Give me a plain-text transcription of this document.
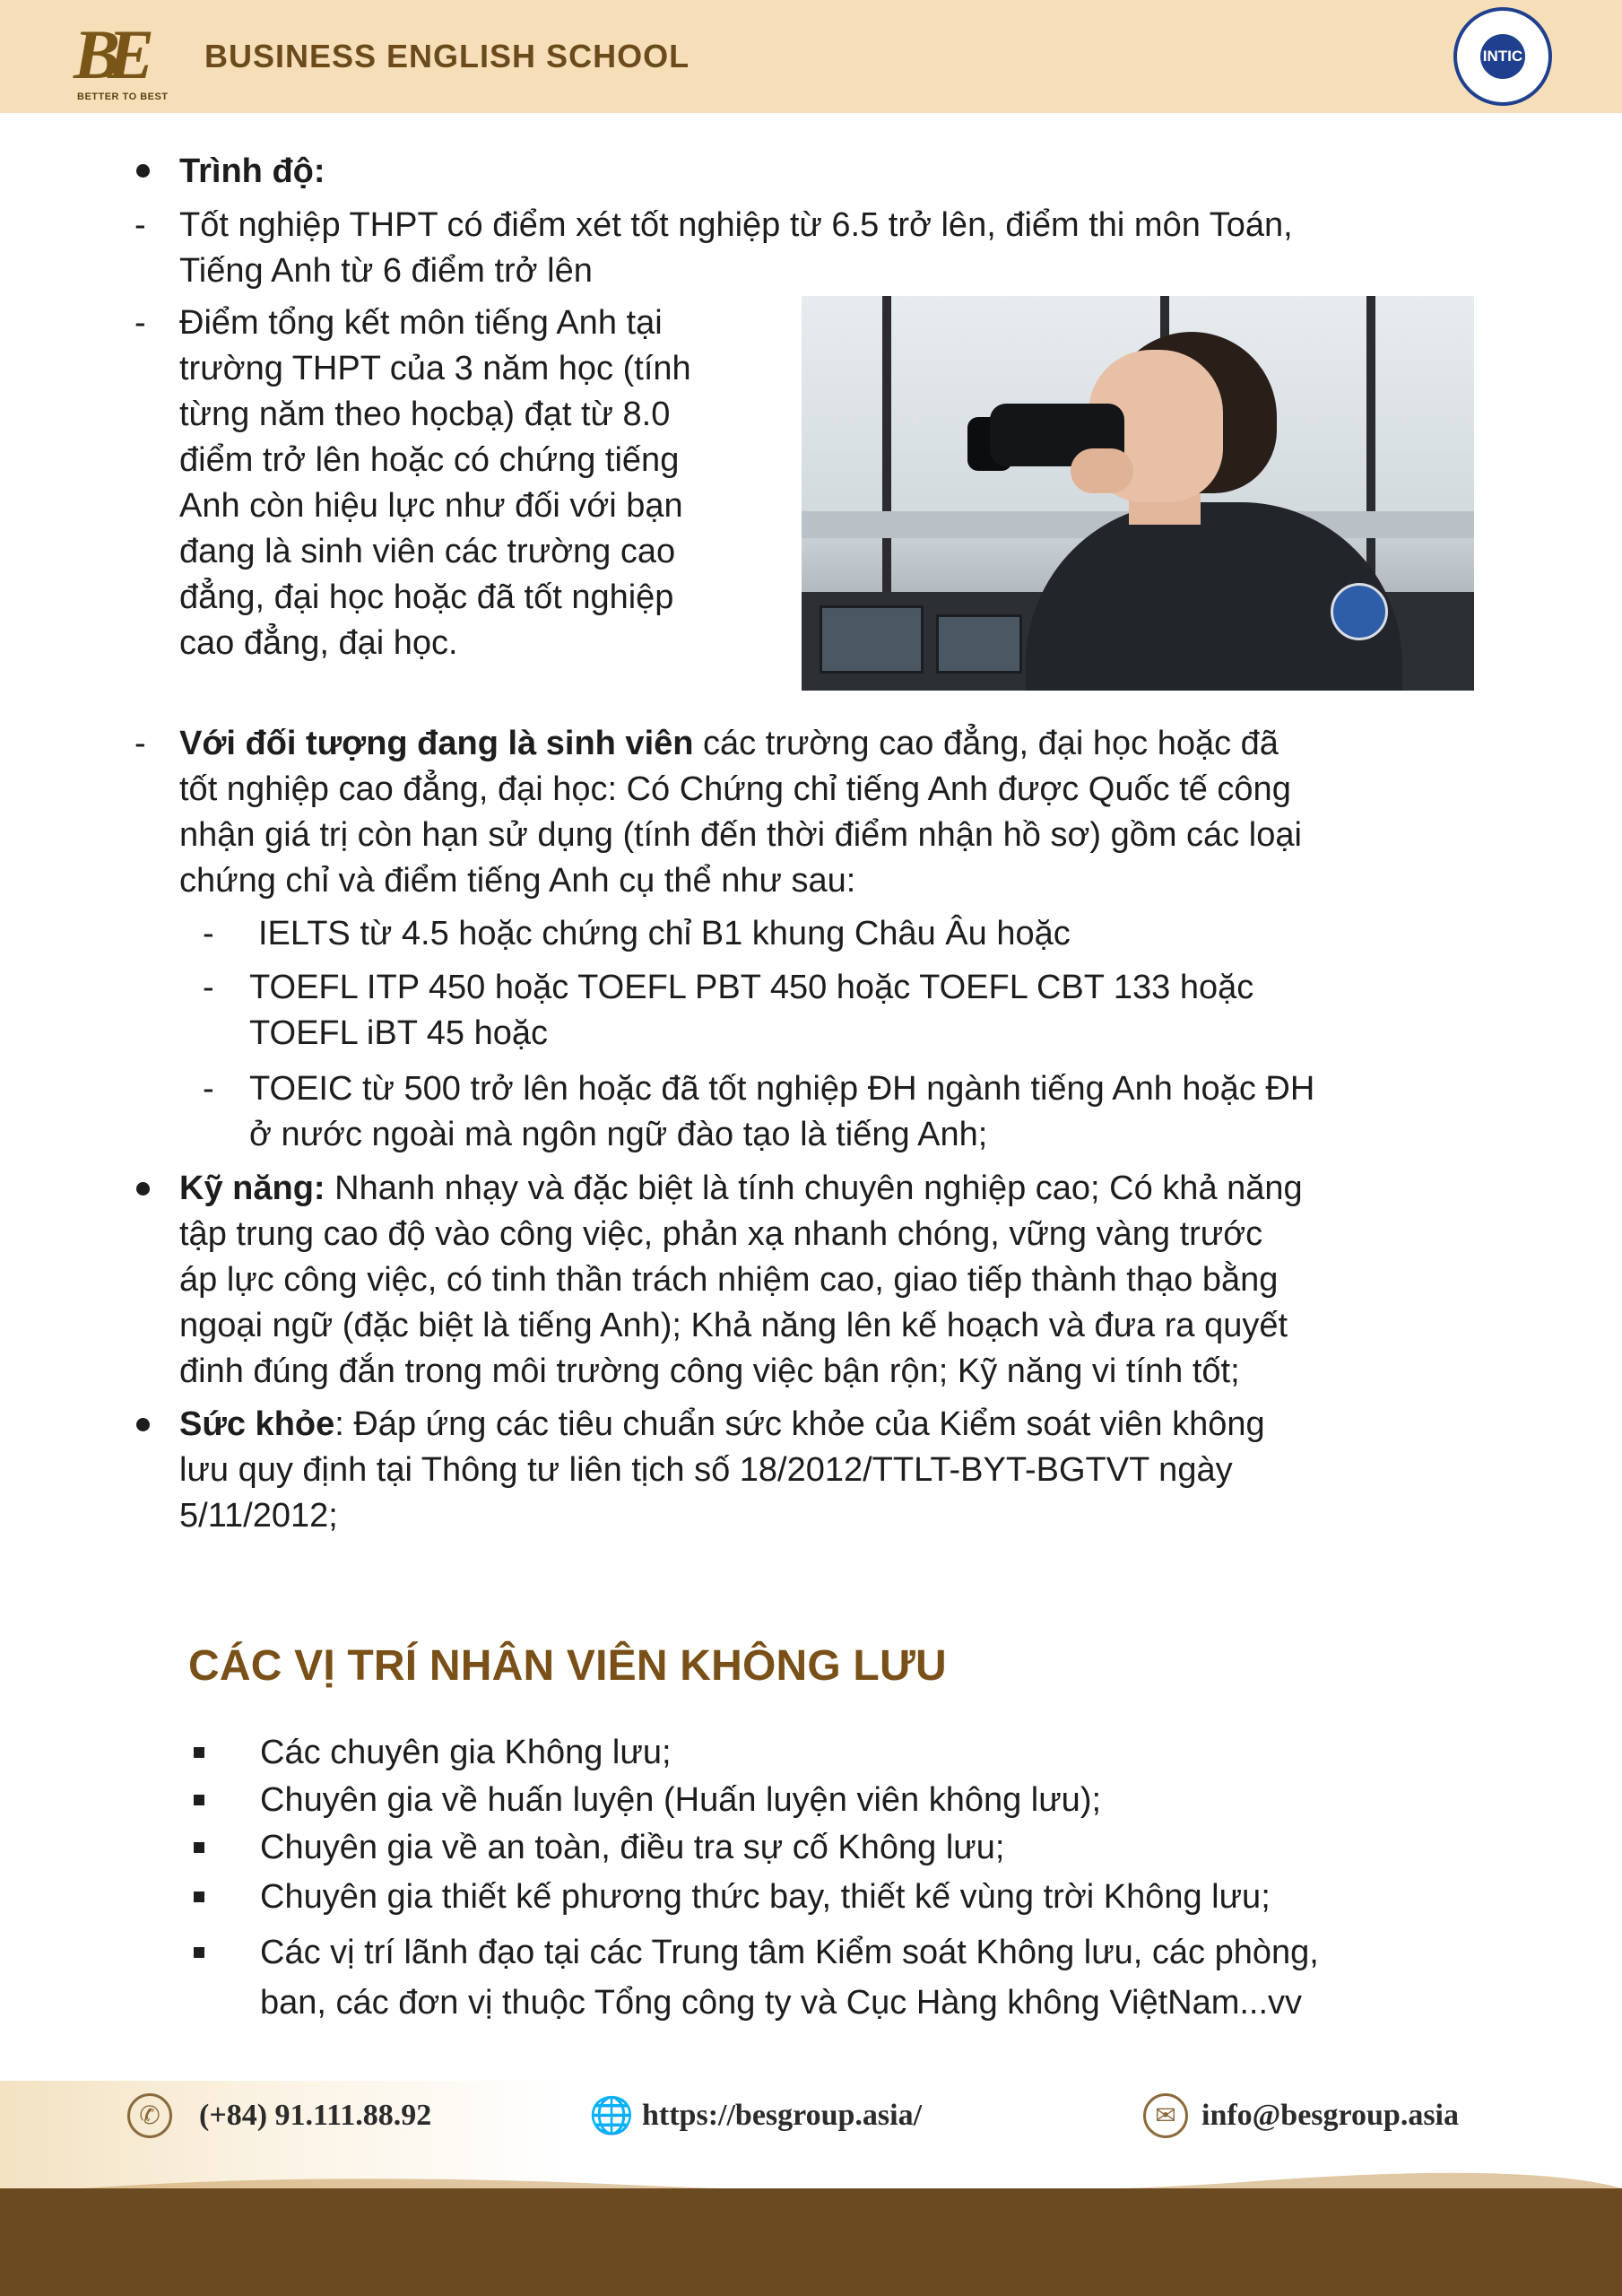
BE
BETTER TO BEST
BUSINESS ENGLISH SCHOOL	INTIC
Trình độ:
- Tốt nghiệp THPT có điểm xét tốt nghiệp từ 6.5 trở lên, điểm thi môn Toán,
Tiếng Anh từ 6 điểm trở lên
- Điểm tổng kết môn tiếng Anh tại
trường THPT của 3 năm học (tính
từng năm theo họcbạ) đạt từ 8.0
điểm trở lên hoặc có chứng tiếng
Anh còn hiệu lực như đối với bạn
đang là sinh viên các trường cao
đẳng, đại học hoặc đã tốt nghiệp
cao đẳng, đại học.
- Với đối tượng đang là sinh viên các trường cao đẳng, đại học hoặc đã
tốt nghiệp cao đẳng, đại học: Có Chứng chỉ tiếng Anh được Quốc tế công
nhận giá trị còn hạn sử dụng (tính đến thời điểm nhận hồ sơ) gồm các loại
chứng chỉ và điểm tiếng Anh cụ thể như sau:
- IELTS từ 4.5 hoặc chứng chỉ B1 khung Châu Âu hoặc
- TOEFL ITP 450 hoặc TOEFL PBT 450 hoặc TOEFL CBT 133 hoặc
TOEFL iBT 45 hoặc
- TOEIC từ 500 trở lên hoặc đã tốt nghiệp ĐH ngành tiếng Anh hoặc ĐH
ở nước ngoài mà ngôn ngữ đào tạo là tiếng Anh;
Kỹ năng: Nhanh nhạy và đặc biệt là tính chuyên nghiệp cao; Có khả năng
tập trung cao độ vào công việc, phản xạ nhanh chóng, vững vàng trước
áp lực công việc, có tinh thần trách nhiệm cao, giao tiếp thành thạo bằng
ngoại ngữ (đặc biệt là tiếng Anh); Khả năng lên kế hoạch và đưa ra quyết
đinh đúng đắn trong môi trường công việc bận rộn; Kỹ năng vi tính tốt;
Sức khỏe: Đáp ứng các tiêu chuẩn sức khỏe của Kiểm soát viên không
lưu quy định tại Thông tư liên tịch số 18/2012/TTLT-BYT-BGTVT ngày
5/11/2012;
CÁC VỊ TRÍ NHÂN VIÊN KHÔNG LƯU
Các chuyên gia Không lưu;
Chuyên gia về huấn luyện (Huấn luyện viên không lưu);
Chuyên gia về an toàn, điều tra sự cố Không lưu;
Chuyên gia thiết kế phương thức bay, thiết kế vùng trời Không lưu;
Các vị trí lãnh đạo tại các Trung tâm Kiểm soát Không lưu, các phòng,
ban, các đơn vị thuộc Tổng công ty và Cục Hàng không ViệtNam...vv
✆	(+84) 91.111.88.92	🌐 https://besgroup.asia/	✉ info@besgroup.asia
